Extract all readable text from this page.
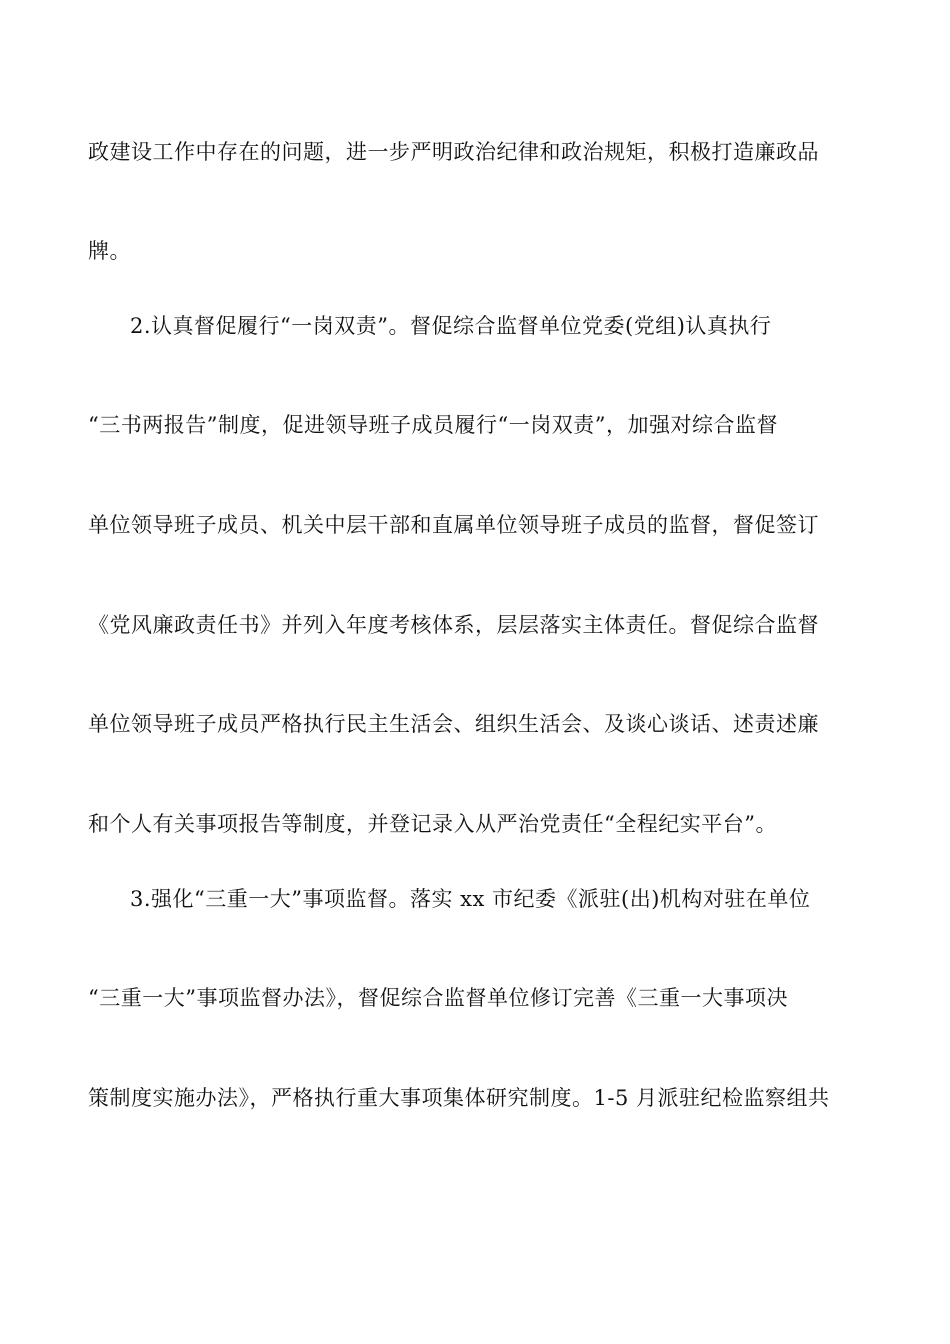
政建设工作中存在的问题，进一步严明政治纪律和政治规矩，积极打造廉政品
牌。
2.认真督促履行“一岗双责”。督促综合监督单位党委(党组)认真执行
“三书两报告”制度，促进领导班子成员履行“一岗双责”，加强对综合监督
单位领导班子成员、机关中层干部和直属单位领导班子成员的监督，督促签订
《党风廉政责任书》并列入年度考核体系，层层落实主体责任。督促综合监督
单位领导班子成员严格执行民主生活会、组织生活会、及谈心谈话、述责述廉
和个人有关事项报告等制度，并登记录入从严治党责任“全程纪实平台”。
3.强化“三重一大”事项监督。落实 xx 市纪委《派驻(出)机构对驻在单位
“三重一大”事项监督办法》，督促综合监督单位修订完善《三重一大事项决
策制度实施办法》，严格执行重大事项集体研究制度。1-5 月派驻纪检监察组共
